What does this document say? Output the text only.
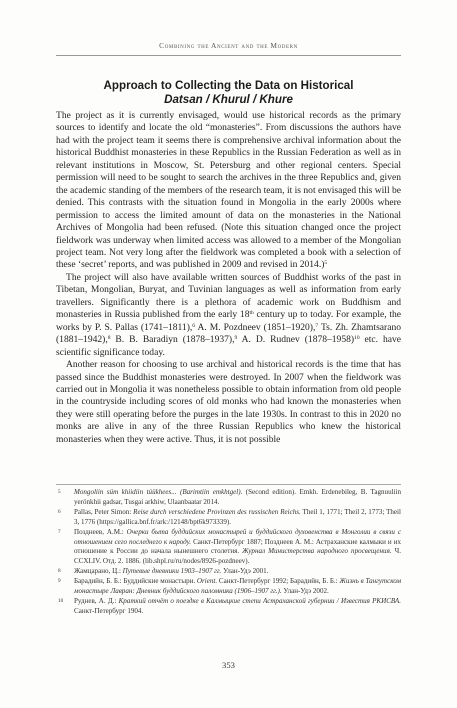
Combining the Ancient and the Modern
Approach to Collecting the Data on Historical
Datsan / Khurul / Khure

The project as it is currently envisaged, would use historical records as the primary sources to identify and locate the old “monasteries”. From discussions the authors have had with the project team it seems there is comprehensive archival information about the historical Buddhist monasteries in these Republics in the Russian Federation as well as in relevant institutions in Moscow, St. Petersburg and other regional centers. Special permission will need to be sought to search the archives in the three Republics and, given the academic standing of the members of the research team, it is not envisaged this will be denied. This contrasts with the situation found in Mongolia in the early 2000s where permission to access the limited amount of data on the monasteries in the National Archives of Mongolia had been refused. (Note this situation changed once the project fieldwork was underway when limited access was allowed to a member of the Mongolian project team. Not very long after the fieldwork was completed a book with a selection of these ‘secret’ reports, and was published in 2009 and revised in 2014.)$^5$

The project will also have available written sources of Buddhist works of the past in Tibetan, Mongolian, Buryat, and Tuvinian languages as well as information from early travellers. Significantly there is a plethora of academic work on Buddhism and monasteries in Russia published from the early 18th century up to today. For example, the works by P. S. Pallas (1741–1811),$^6$ A. M. Pozdneev (1851–1920),$^7$ Ts. Zh. Zhamtsarano (1881–1942),$^8$ B. B. Baradiyn (1878–1937),$^9$ A. D. Rudnev (1878–1958)$^{10}$ etc. have scientific significance today.

Another reason for choosing to use archival and historical records is the time that has passed since the Buddhist monasteries were destroyed. In 2007 when the fieldwork was carried out in Mongolia it was nonetheless possible to obtain information from old people in the countryside including scores of old monks who had known the monasteries when they were still operating before the purges in the late 1930s. In contrast to this in 2020 no monks are alive in any of the three Russian Republics who knew the historical monasteries when they were active. Thus, it is not possible

5 Mongoliin süm khiidiin túükhees... (Barimtiin emkhtgel). (Second edition). Emkh. Erdenebileg, B. Tagnuuliin yerönkhii gadsar, Tusgai arkhiw, Ulaanbaatar 2014.

6 Pallas, Peter Simon: Reise durch verschiedene Provinzen des russischen Reichs. Theil 1, 1771; Theil 2, 1773; Theil 3, 1776 (https://gallica.bnf.fr/ark:/12148/bpt6k973339).

7 Позднеев, А.М.: Очерки быта буддийских монастырей и буддийского духовенства в Монголии в связи с отношением сего последнего к народу. Санкт-Петербург 1887; Позднеев А. М.: Астраханские калмыки и их отношение к России до начала нынешнего столетия. Журнал Министерства народного просвещения. Ч. CCXLIV. Отд. 2. 1886. (lib.shpl.ru/ru/nodes/8926-pozdneev).

8 Жамцарано, Ц.: Путевые дневники 1903–1907 гг. Улан-Удэ 2001.

9 Барадийн, Б. Б.: Буддийские монастыри. Orient. Санкт-Петербург 1992; Барадийн, Б. Б.: Жизнь в Тангутском монастыре Лавран: Дневник буддийского паломника (1906–1907 гг.). Улан-Удэ 2002.

10 Руднев, А. Д.: Краткий отчёт о поездке в Калмыцкие степи Астраханской губернии / Известия РКИСВА. Санкт-Петербург 1904.

353
